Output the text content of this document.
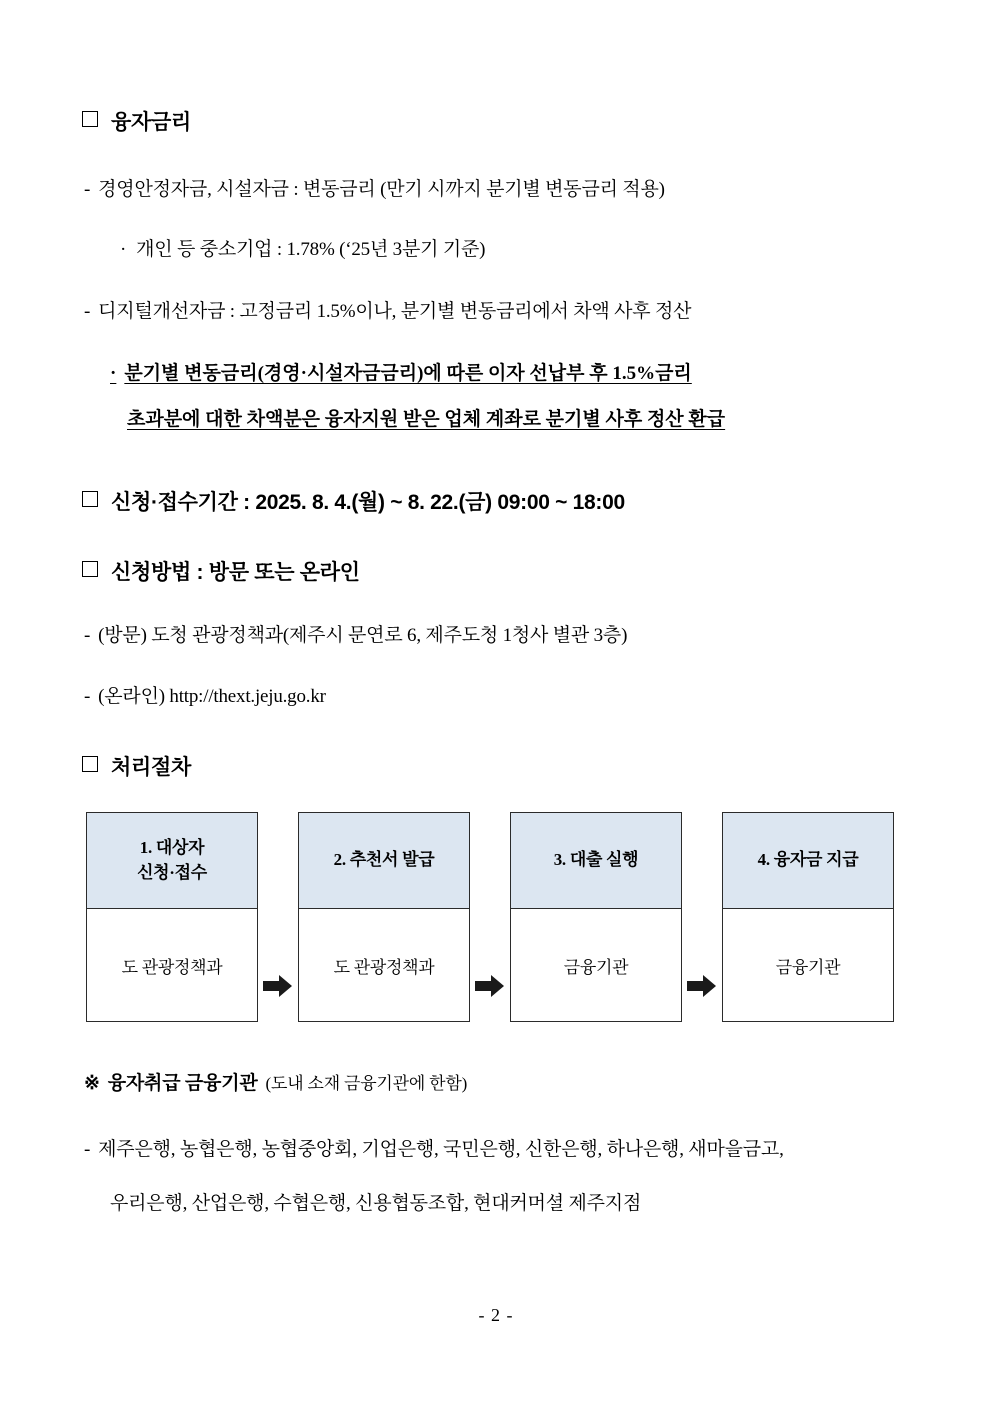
융자금리
- 경영안정자금, 시설자금 : 변동금리 (만기 시까지 분기별 변동금리 적용)
· 개인 등 중소기업 : 1.78% (‘25년 3분기 기준)
- 디지털개선자금 : 고정금리 1.5%이나, 분기별 변동금리에서 차액 사후 정산
· 분기별 변동금리(경영·시설자금금리)에 따른 이자 선납부 후 1.5%금리
초과분에 대한 차액분은 융자지원 받은 업체 계좌로 분기별 사후 정산 환급
신청·접수기간 : 2025. 8. 4.(월) ~ 8. 22.(금) 09:00 ~ 18:00
신청방법 : 방문 또는 온라인
- (방문) 도청 관광정책과(제주시 문연로 6, 제주도청 1청사 별관 3층)
- (온라인) http://thext.jeju.go.kr
처리절차
1. 대상자
신청·접수
도 관광정책과
2. 추천서 발급
도 관광정책과
3. 대출 실행
금융기관
4. 융자금 지급
금융기관
※ 융자취급 금융기관 (도내 소재 금융기관에 한함)
- 제주은행, 농협은행, 농협중앙회, 기업은행, 국민은행, 신한은행, 하나은행, 새마을금고,
우리은행, 산업은행, 수협은행, 신용협동조합, 현대커머셜 제주지점
- 2 -
